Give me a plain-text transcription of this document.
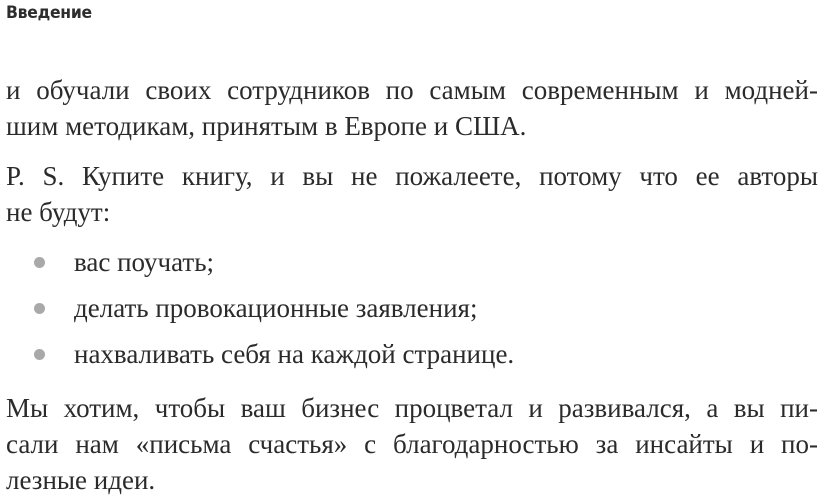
Введение
и обучали своих сотрудников по самым современным и модней-
шим методикам, принятым в Европе и США.
P. S. Купите книгу, и вы не пожалеете, потому что ее авторы
не будут:
вас поучать;
делать провокационные заявления;
нахваливать себя на каждой странице.
Мы хотим, чтобы ваш бизнес процветал и развивался, а вы пи-
сали нам «письма счастья» с благодарностью за инсайты и по-
лезные идеи.
